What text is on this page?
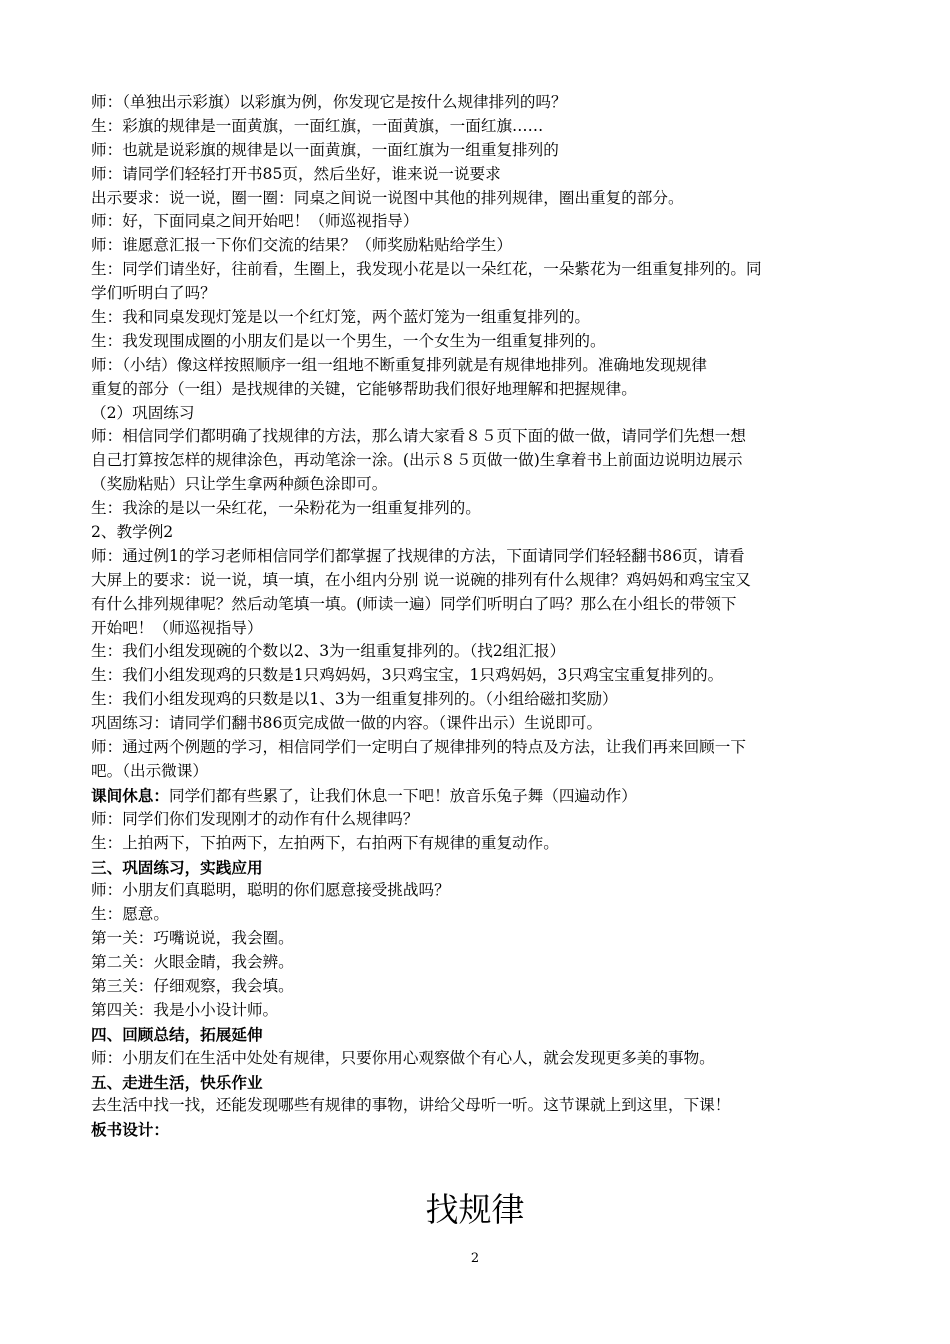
师：（单独出示彩旗）以彩旗为例，你发现它是按什么规律排列的吗？
生：彩旗的规律是一面黄旗，一面红旗，一面黄旗，一面红旗……
师：也就是说彩旗的规律是以一面黄旗，一面红旗为一组重复排列的
师：请同学们轻轻打开书85页，然后坐好，谁来说一说要求
出示要求：说一说，圈一圈：同桌之间说一说图中其他的排列规律，圈出重复的部分。
师：好，下面同桌之间开始吧！（师巡视指导）
师：谁愿意汇报一下你们交流的结果？（师奖励粘贴给学生）
生：同学们请坐好，往前看，生圈上，我发现小花是以一朵红花，一朵紫花为一组重复排列的。同
学们听明白了吗？
生：我和同桌发现灯笼是以一个红灯笼，两个蓝灯笼为一组重复排列的。
生：我发现围成圈的小朋友们是以一个男生，一个女生为一组重复排列的。
师：（小结）像这样按照顺序一组一组地不断重复排列就是有规律地排列。准确地发现规律
重复的部分（一组）是找规律的关键，它能够帮助我们很好地理解和把握规律。
（2）巩固练习
师：相信同学们都明确了找规律的方法，那么请大家看８５页下面的做一做，请同学们先想一想
自己打算按怎样的规律涂色，再动笔涂一涂。(出示８５页做一做)生拿着书上前面边说明边展示
（奖励粘贴）只让学生拿两种颜色涂即可。
生：我涂的是以一朵红花，一朵粉花为一组重复排列的。
2、教学例2
师：通过例1的学习老师相信同学们都掌握了找规律的方法，下面请同学们轻轻翻书86页，请看
大屏上的要求：说一说，填一填，在小组内分别 说一说碗的排列有什么规律？鸡妈妈和鸡宝宝又
有什么排列规律呢？然后动笔填一填。(师读一遍）同学们听明白了吗？那么在小组长的带领下
开始吧！（师巡视指导）
生：我们小组发现碗的个数以2、3为一组重复排列的。（找2组汇报）
生：我们小组发现鸡的只数是1只鸡妈妈，3只鸡宝宝，1只鸡妈妈，3只鸡宝宝重复排列的。
生：我们小组发现鸡的只数是以1、3为一组重复排列的。（小组给磁扣奖励）
巩固练习：请同学们翻书86页完成做一做的内容。（课件出示）生说即可。
师：通过两个例题的学习，相信同学们一定明白了规律排列的特点及方法，让我们再来回顾一下
吧。（出示微课）
课间休息：同学们都有些累了，让我们休息一下吧！放音乐兔子舞（四遍动作）
师：同学们你们发现刚才的动作有什么规律吗？
生：上拍两下，下拍两下，左拍两下，右拍两下有规律的重复动作。
三、巩固练习，实践应用
师：小朋友们真聪明，聪明的你们愿意接受挑战吗？
生：愿意。
第一关：巧嘴说说，我会圈。
第二关：火眼金睛，我会辨。
第三关：仔细观察，我会填。
第四关：我是小小设计师。
四、回顾总结，拓展延伸
师：小朋友们在生活中处处有规律，只要你用心观察做个有心人，就会发现更多美的事物。
五、走进生活，快乐作业
去生活中找一找，还能发现哪些有规律的事物，讲给父母听一听。这节课就上到这里，下课！
板书设计：
找规律
2
